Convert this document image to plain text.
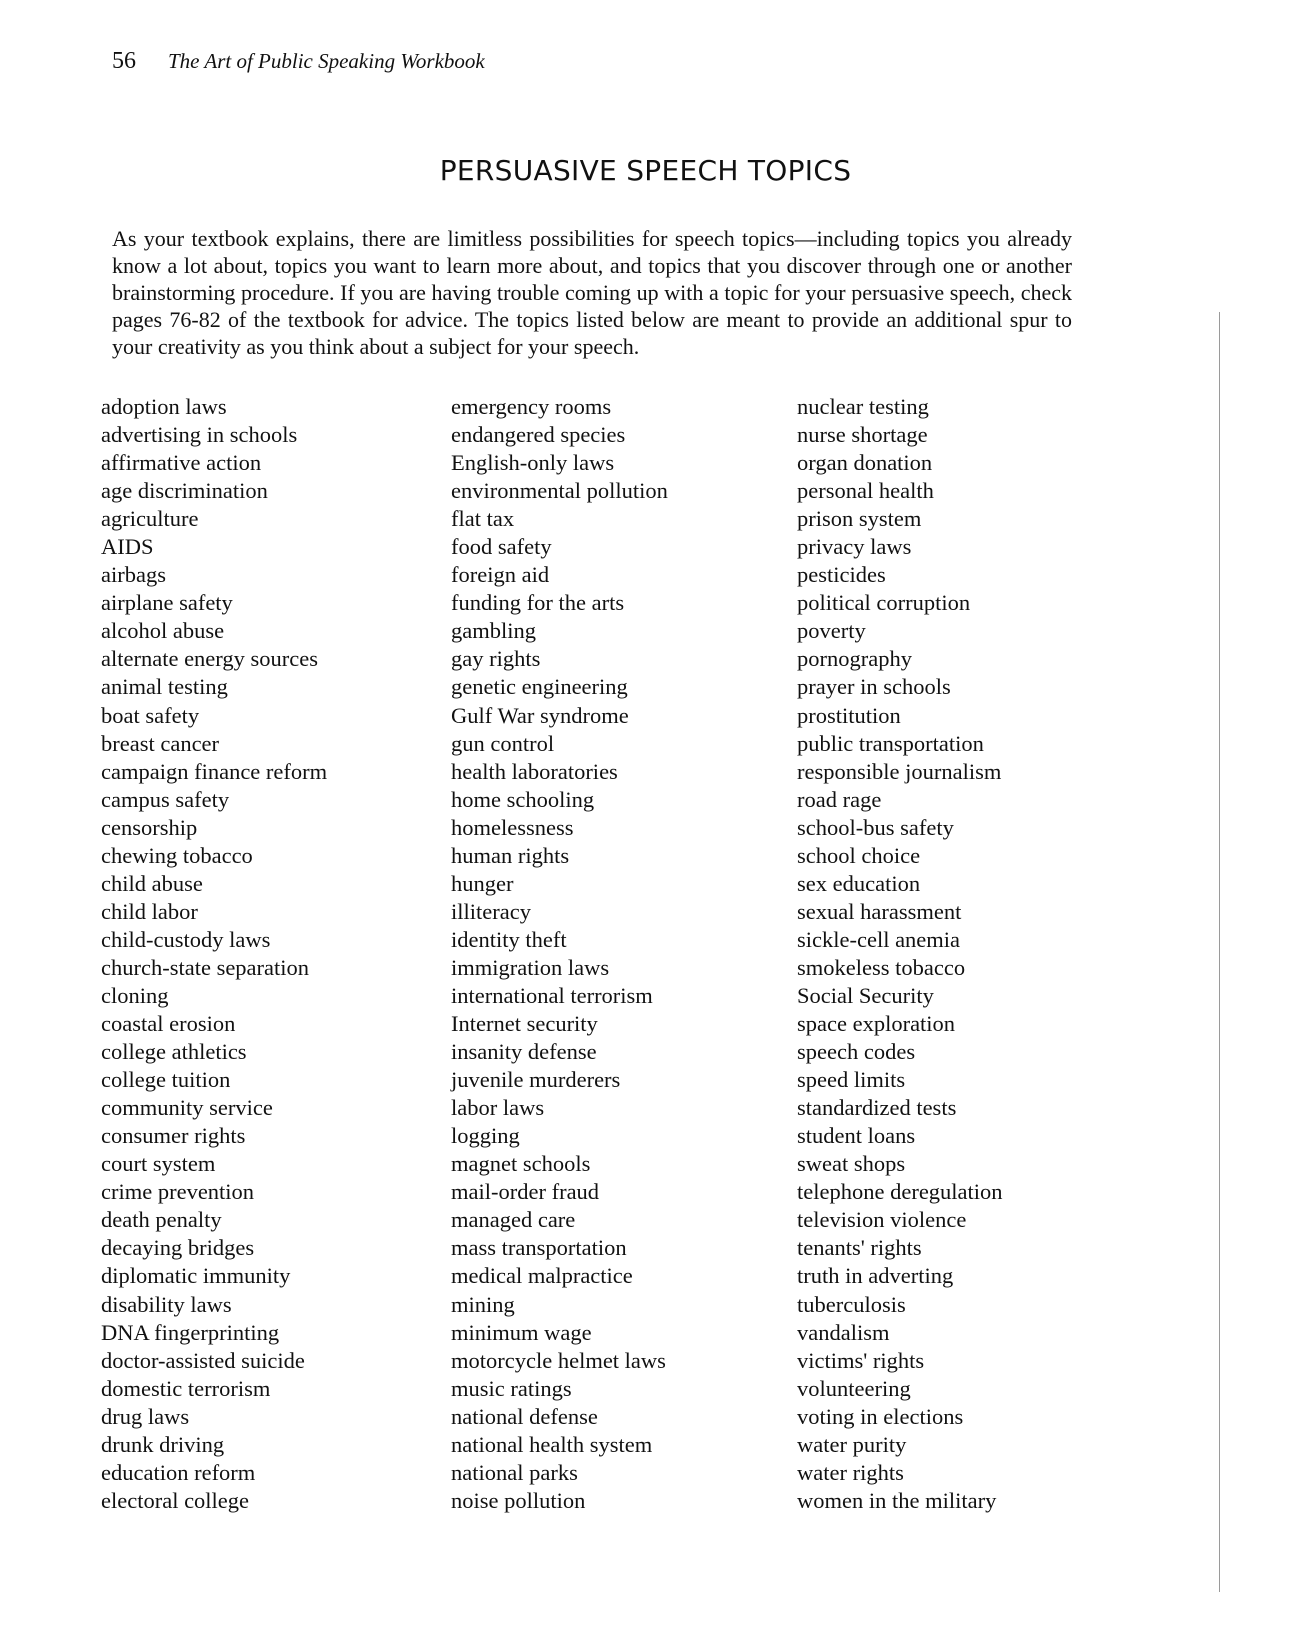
56 The Art of Public Speaking Workbook
PERSUASIVE SPEECH TOPICS

As your textbook explains, there are limitless possibilities for speech topics—including topics you already know a lot about, topics you want to learn more about, and topics that you discover through one or another brainstorming procedure. If you are having trouble coming up with a topic for your persuasive speech, check pages 76-82 of the textbook for advice. The topics listed below are meant to provide an additional spur to your creativity as you think about a subject for your speech.

adoption laws
advertising in schools
affirmative action
age discrimination
agriculture
AIDS
airbags
airplane safety
alcohol abuse
alternate energy sources
animal testing
boat safety
breast cancer
campaign finance reform
campus safety
censorship
chewing tobacco
child abuse
child labor
child-custody laws
church-state separation
cloning
coastal erosion
college athletics
college tuition
community service
consumer rights
court system
crime prevention
death penalty
decaying bridges
diplomatic immunity
disability laws
DNA fingerprinting
doctor-assisted suicide
domestic terrorism
drug laws
drunk driving
education reform
electoral college
emergency rooms
endangered species
English-only laws
environmental pollution
flat tax
food safety
foreign aid
funding for the arts
gambling
gay rights
genetic engineering
Gulf War syndrome
gun control
health laboratories
home schooling
homelessness
human rights
hunger
illiteracy
identity theft
immigration laws
international terrorism
Internet security
insanity defense
juvenile murderers
labor laws
logging
magnet schools
mail-order fraud
managed care
mass transportation
medical malpractice
mining
minimum wage
motorcycle helmet laws
music ratings
national defense
national health system
national parks
noise pollution
nuclear testing
nurse shortage
organ donation
personal health
prison system
privacy laws
pesticides
political corruption
poverty
pornography
prayer in schools
prostitution
public transportation
responsible journalism
road rage
school-bus safety
school choice
sex education
sexual harassment
sickle-cell anemia
smokeless tobacco
Social Security
space exploration
speech codes
speed limits
standardized tests
student loans
sweat shops
telephone deregulation
television violence
tenants' rights
truth in adverting
tuberculosis
vandalism
victims' rights
volunteering
voting in elections
water purity
water rights
women in the military
